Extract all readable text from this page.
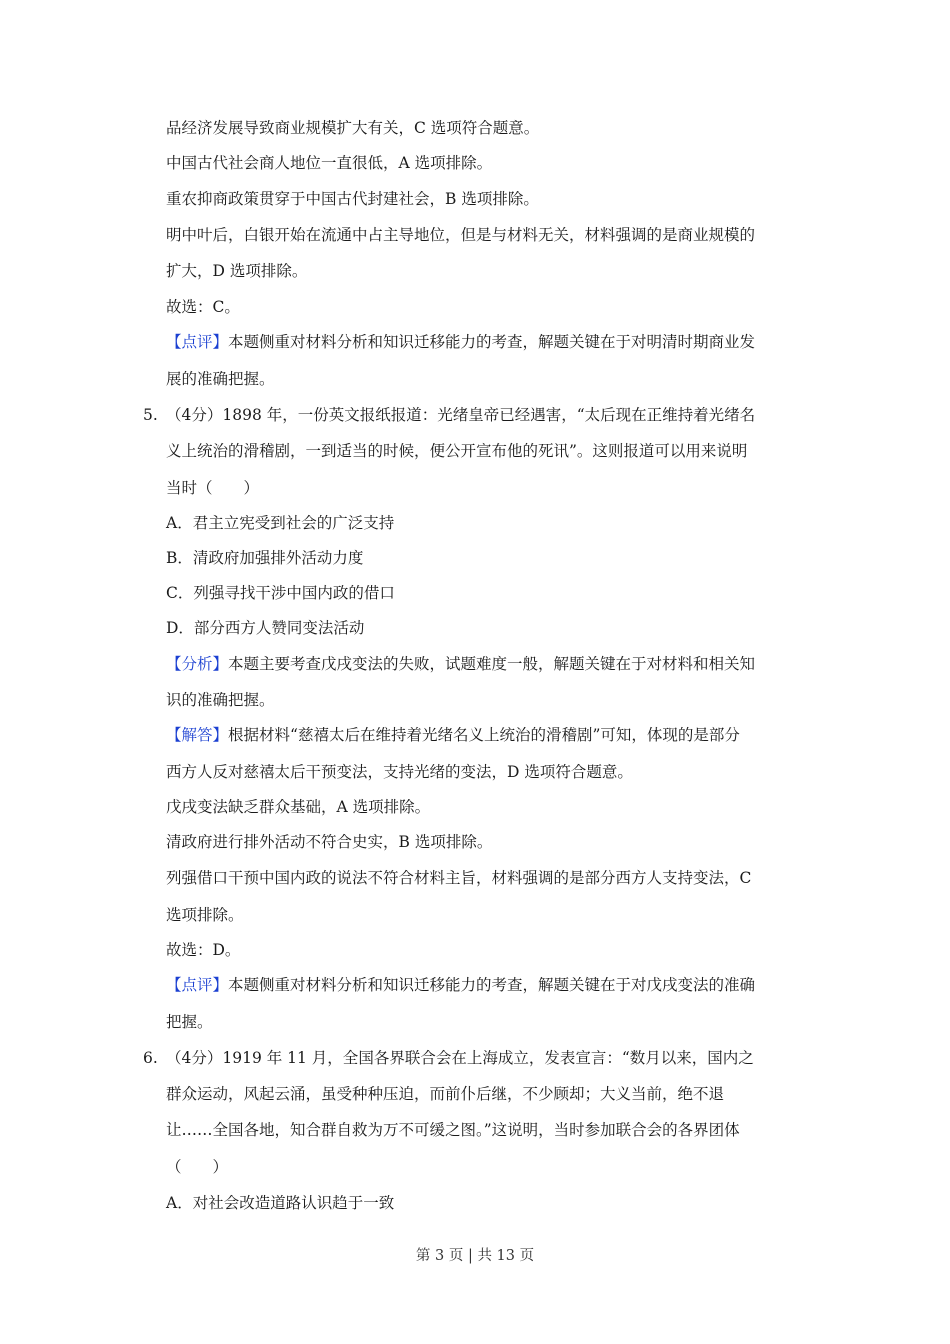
品经济发展导致商业规模扩大有关，C 选项符合题意。
中国古代社会商人地位一直很低，A 选项排除。
重农抑商政策贯穿于中国古代封建社会，B 选项排除。
明中叶后，白银开始在流通中占主导地位，但是与材料无关，材料强调的是商业规模的
扩大，D 选项排除。
故选：C。
【点评】本题侧重对材料分析和知识迁移能力的考查，解题关键在于对明清时期商业发
展的准确把握。
5. （4分）1898 年，一份英文报纸报道：光绪皇帝已经遇害，“太后现在正维持着光绪名
义上统治的滑稽剧，一到适当的时候，便公开宣布他的死讯”。这则报道可以用来说明
当时（　　）
A．君主立宪受到社会的广泛支持
B．清政府加强排外活动力度
C．列强寻找干涉中国内政的借口
D．部分西方人赞同变法活动
【分析】本题主要考查戊戌变法的失败，试题难度一般，解题关键在于对材料和相关知
识的准确把握。
【解答】根据材料“慈禧太后在维持着光绪名义上统治的滑稽剧”可知，体现的是部分
西方人反对慈禧太后干预变法，支持光绪的变法，D 选项符合题意。
戊戌变法缺乏群众基础，A 选项排除。
清政府进行排外活动不符合史实，B 选项排除。
列强借口干预中国内政的说法不符合材料主旨，材料强调的是部分西方人支持变法，C
选项排除。
故选：D。
【点评】本题侧重对材料分析和知识迁移能力的考查，解题关键在于对戊戌变法的准确
把握。
6. （4分）1919 年 11 月，全国各界联合会在上海成立，发表宣言：“数月以来，国内之
群众运动，风起云涌，虽受种种压迫，而前仆后继，不少顾却；大义当前，绝不退
让……全国各地，知合群自救为万不可缓之图。”这说明，当时参加联合会的各界团体
（　　）
A．对社会改造道路认识趋于一致
第 3 页 | 共 13 页
